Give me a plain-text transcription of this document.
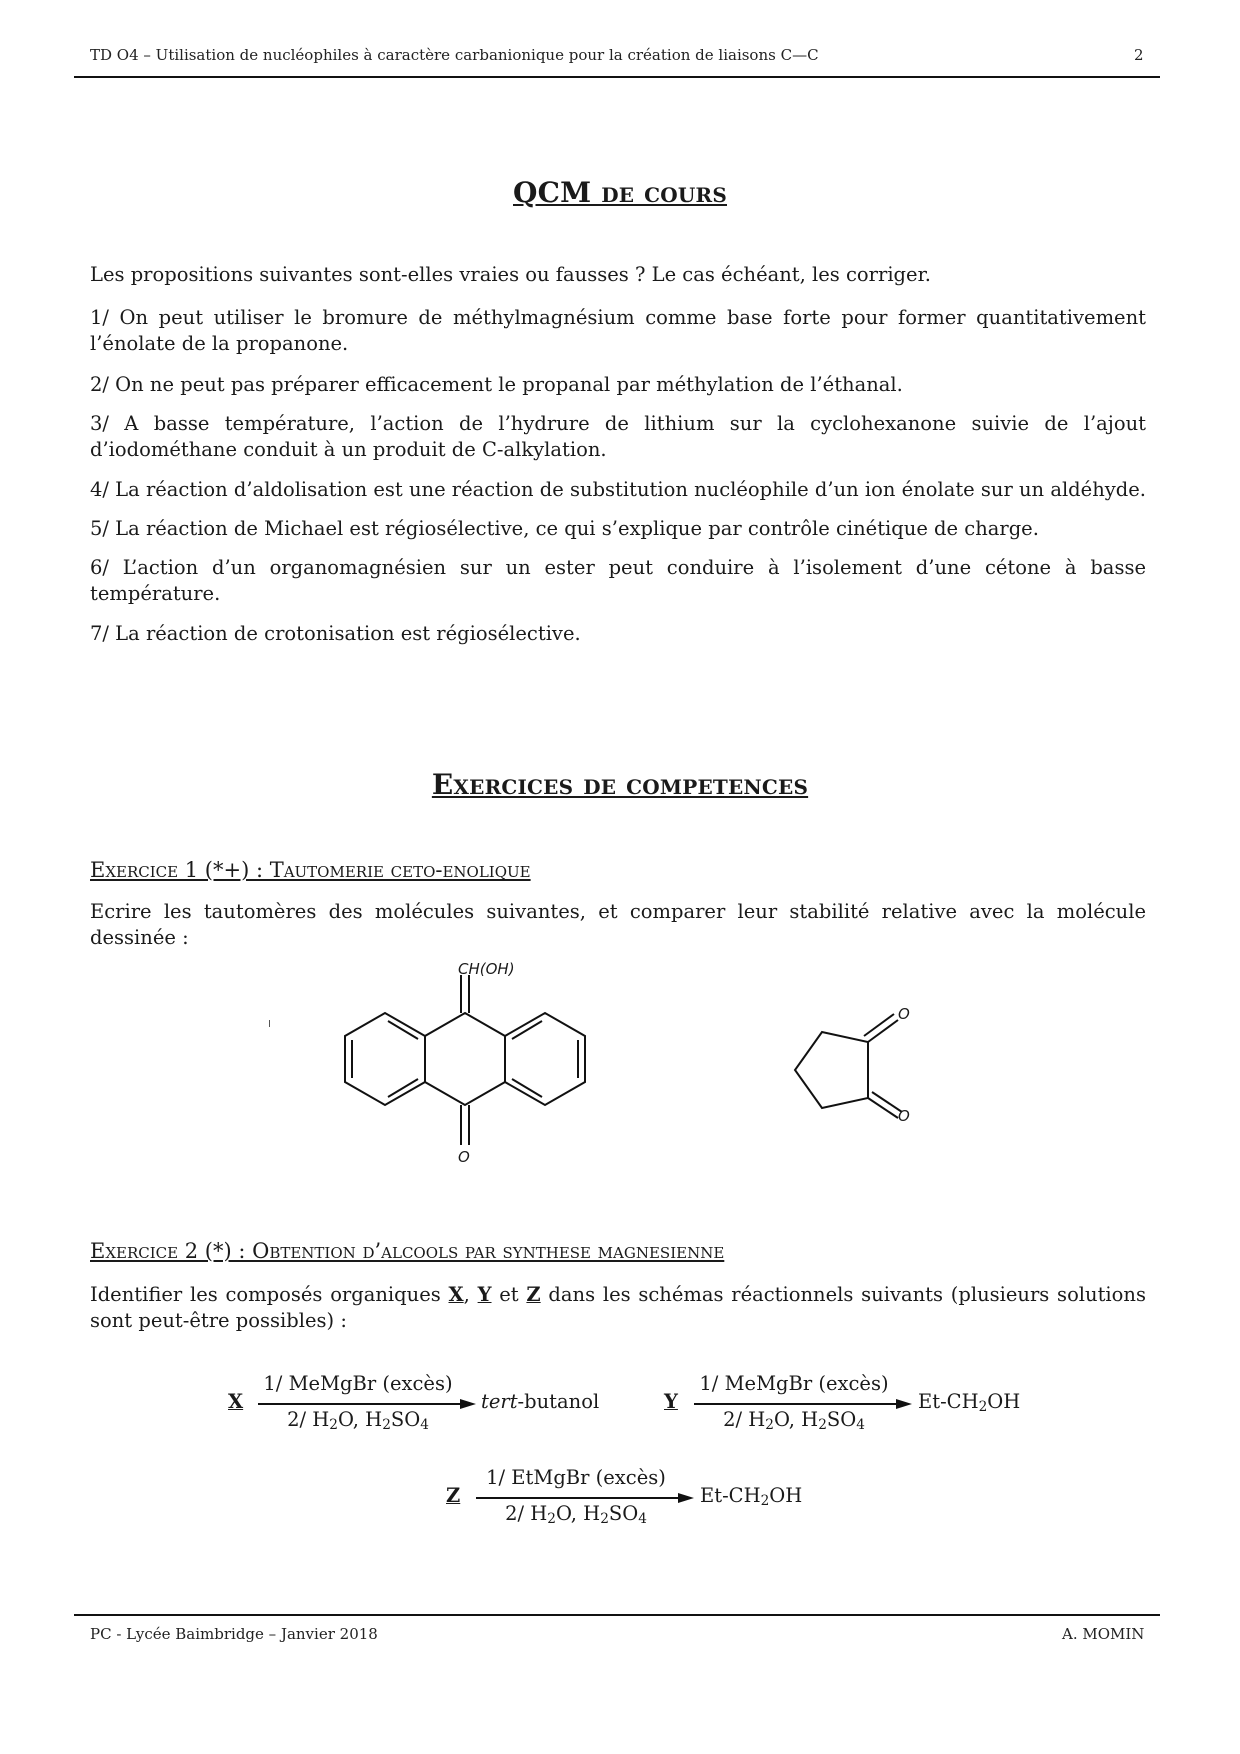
TD O4 – Utilisation de nucléophiles à caractère carbanionique pour la création de liaisons C—C	2
QCM de cours
Les propositions suivantes sont-elles vraies ou fausses ? Le cas échéant, les corriger.
1/ On peut utiliser le bromure de méthylmagnésium comme base forte pour former quantitativement l’énolate de la propanone.
2/ On ne peut pas préparer efficacement le propanal par méthylation de l’éthanal.
3/ A basse température, l’action de l’hydrure de lithium sur la cyclohexanone suivie de l’ajout d’iodométhane conduit à un produit de C-alkylation.
4/ La réaction d’aldolisation est une réaction de substitution nucléophile d’un ion énolate sur un aldéhyde.
5/ La réaction de Michael est régiosélective, ce qui s’explique par contrôle cinétique de charge.
6/ L’action d’un organomagnésien sur un ester peut conduire à l’isolement d’une cétone à basse température.
7/ La réaction de crotonisation est régiosélective.
Exercices de competences
Exercice 1 (*+) : Tautomerie ceto-enolique
Ecrire les tautomères des molécules suivantes, et comparer leur stabilité relative avec la molécule dessinée :
CH(OH)
O
O
O
Exercice 2 (*) : Obtention d’alcools par synthese magnesienne
Identifier les composés organiques X, Y et Z dans les schémas réactionnels suivants (plusieurs solutions sont peut-être possibles) :
X
1/ MeMgBr (excès)
2/ $H_2O$, $H_2SO_4$
tert-butanol	Y
1/ MeMgBr (excès)
2/ $H_2O$, $H_2SO_4$
$Et-CH_2OH$
Z
1/ EtMgBr (excès)
2/ $H_2O$, $H_2SO_4$
$Et-CH_2OH$
PC - Lycée Baimbridge – Janvier 2018	A. MOMIN
